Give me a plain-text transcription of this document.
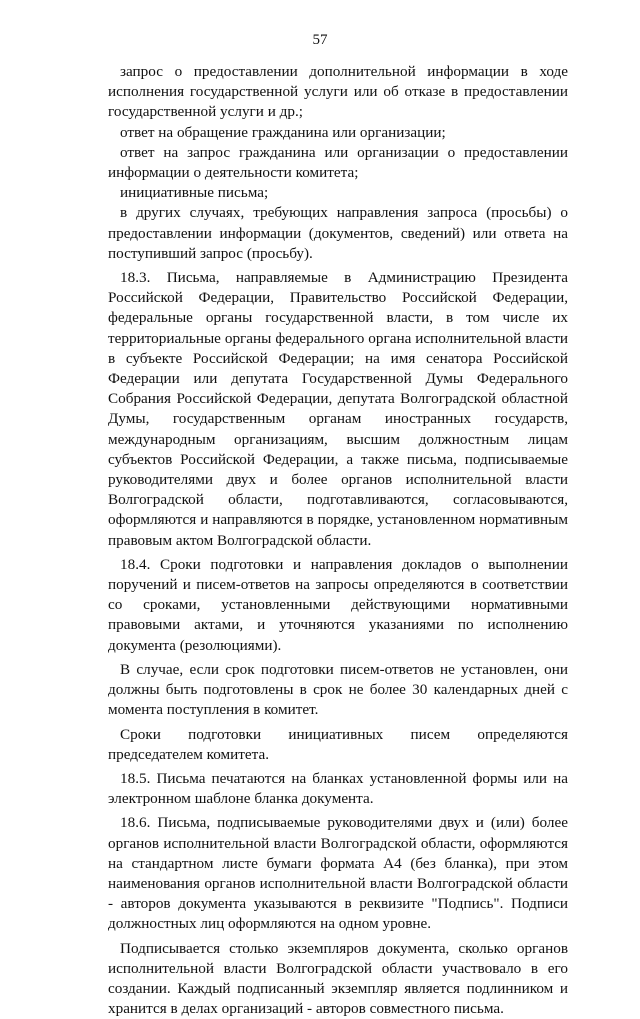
57

запрос о предоставлении дополнительной информации в ходе исполнения государственной услуги или об отказе в предоставлении государственной услуги и др.;

ответ на обращение гражданина или организации;

ответ на запрос гражданина или организации о предоставлении информации о деятельности комитета;

инициативные письма;

в других случаях, требующих направления запроса (просьбы) о предоставлении информации (документов, сведений) или ответа на поступивший запрос (просьбу).

18.3. Письма, направляемые в Администрацию Президента Российской Федерации, Правительство Российской Федерации, федеральные органы государственной власти, в том числе их территориальные органы федерального органа исполнительной власти в субъекте Российской Федерации; на имя сенатора Российской Федерации или депутата Государственной Думы Федерального Собрания Российской Федерации, депутата Волгоградской областной Думы, государственным органам иностранных государств, международным организациям, высшим должностным лицам субъектов Российской Федерации, а также письма, подписываемые руководителями двух и более органов исполнительной власти Волгоградской области, подготавливаются, согласовываются, оформляются и направляются в порядке, установленном нормативным правовым актом Волгоградской области.

18.4. Сроки подготовки и направления докладов о выполнении поручений и писем-ответов на запросы определяются в соответствии со сроками, установленными действующими нормативными правовыми актами, и уточняются указаниями по исполнению документа (резолюциями).

В случае, если срок подготовки писем-ответов не установлен, они должны быть подготовлены в срок не более 30 календарных дней с момента поступления в комитет.

Сроки подготовки инициативных писем определяются председателем комитета.

18.5. Письма печатаются на бланках установленной формы или на электронном шаблоне бланка документа.

18.6. Письма, подписываемые руководителями двух и (или) более органов исполнительной власти Волгоградской области, оформляются на стандартном листе бумаги формата А4 (без бланка), при этом наименования органов исполнительной власти Волгоградской области - авторов документа указываются в реквизите "Подпись". Подписи должностных лиц оформляются на одном уровне.

Подписывается столько экземпляров документа, сколько органов исполнительной власти Волгоградской области участвовало в его создании. Каждый подписанный экземпляр является подлинником и хранится в делах организаций - авторов совместного письма.
